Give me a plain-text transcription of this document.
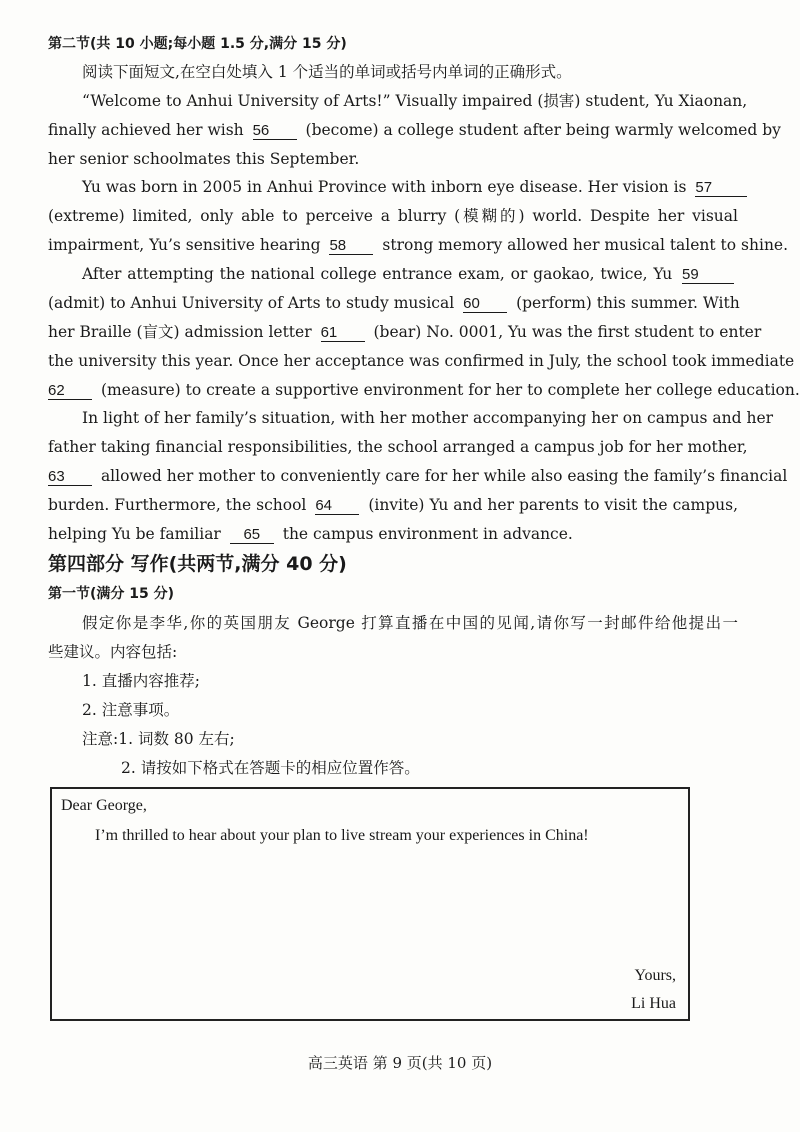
第二节(共 10 小题;每小题 1.5 分,满分 15 分)
阅读下面短文,在空白处填入 1 个适当的单词或括号内单词的正确形式。
“Welcome to Anhui University of Arts!” Visually impaired (损害) student, Yu Xiaonan,
finally achieved her wish 56 (become) a college student after being warmly welcomed by
her senior schoolmates this September.
Yu was born in 2005 in Anhui Province with inborn eye disease. Her vision is 57
(extreme) limited, only able to perceive a blurry (模糊的) world. Despite her visual
impairment, Yu’s sensitive hearing 58 strong memory allowed her musical talent to shine.
After attempting the national college entrance exam, or gaokao, twice, Yu 59
(admit) to Anhui University of Arts to study musical 60 (perform) this summer. With
her Braille (盲文) admission letter 61 (bear) No. 0001, Yu was the first student to enter
the university this year. Once her acceptance was confirmed in July, the school took immediate
62 (measure) to create a supportive environment for her to complete her college education.
In light of her family’s situation, with her mother accompanying her on campus and her
father taking financial responsibilities, the school arranged a campus job for her mother,
63 allowed her mother to conveniently care for her while also easing the family’s financial
burden. Furthermore, the school 64 (invite) Yu and her parents to visit the campus,
helping Yu be familiar 65 the campus environment in advance.
第四部分 写作(共两节,满分 40 分)
第一节(满分 15 分)
假定你是李华,你的英国朋友 George 打算直播在中国的见闻,请你写一封邮件给他提出一
些建议。内容包括:
1. 直播内容推荐;
2. 注意事项。
注意:1. 词数 80 左右;
2. 请按如下格式在答题卡的相应位置作答。
Dear George,
I’m thrilled to hear about your plan to live stream your experiences in China!
Yours,
Li Hua
高三英语 第 9 页(共 10 页)
